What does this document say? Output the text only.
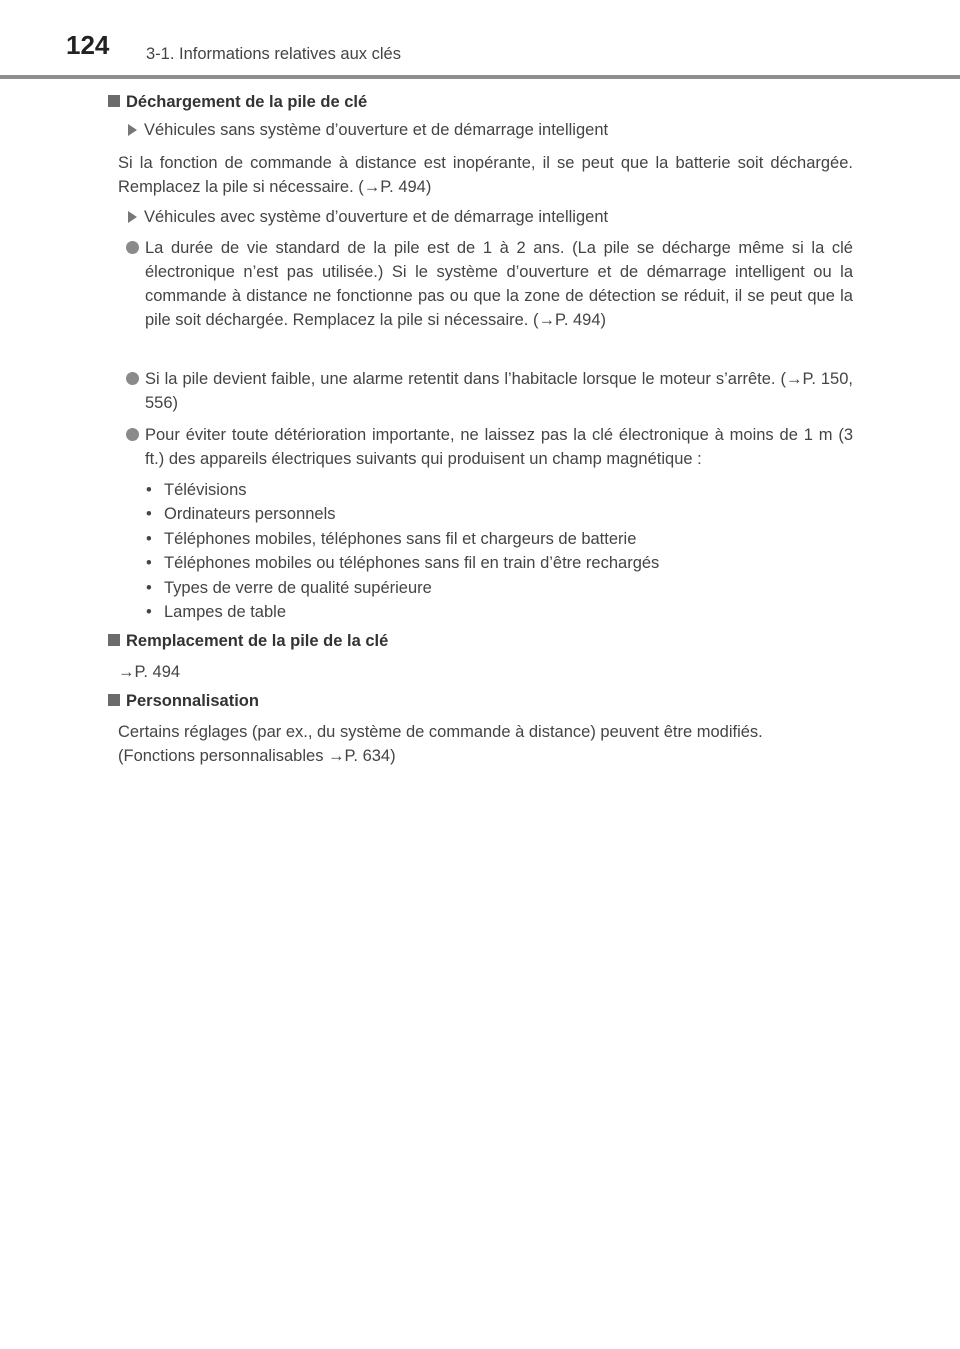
124 3-1. Informations relatives aux clés
Déchargement de la pile de clé
Véhicules sans système d’ouverture et de démarrage intelligent
Si la fonction de commande à distance est inopérante, il se peut que la batterie soit déchargée. Remplacez la pile si nécessaire. (→P. 494)
Véhicules avec système d’ouverture et de démarrage intelligent
La durée de vie standard de la pile est de 1 à 2 ans. (La pile se décharge même si la clé électronique n’est pas utilisée.) Si le système d’ouverture et de démarrage intelligent ou la commande à distance ne fonctionne pas ou que la zone de détection se réduit, il se peut que la pile soit déchargée. Remplacez la pile si nécessaire. (→P. 494)
Si la pile devient faible, une alarme retentit dans l’habitacle lorsque le moteur s’arrête. (→P. 150, 556)
Pour éviter toute détérioration importante, ne laissez pas la clé électronique à moins de 1 m (3 ft.) des appareils électriques suivants qui produisent un champ magnétique :
• Télévisions
• Ordinateurs personnels
• Téléphones mobiles, téléphones sans fil et chargeurs de batterie
• Téléphones mobiles ou téléphones sans fil en train d’être rechargés
• Types de verre de qualité supérieure
• Lampes de table
Remplacement de la pile de la clé
→P. 494
Personnalisation
Certains réglages (par ex., du système de commande à distance) peuvent être modifiés.
(Fonctions personnalisables →P. 634)
